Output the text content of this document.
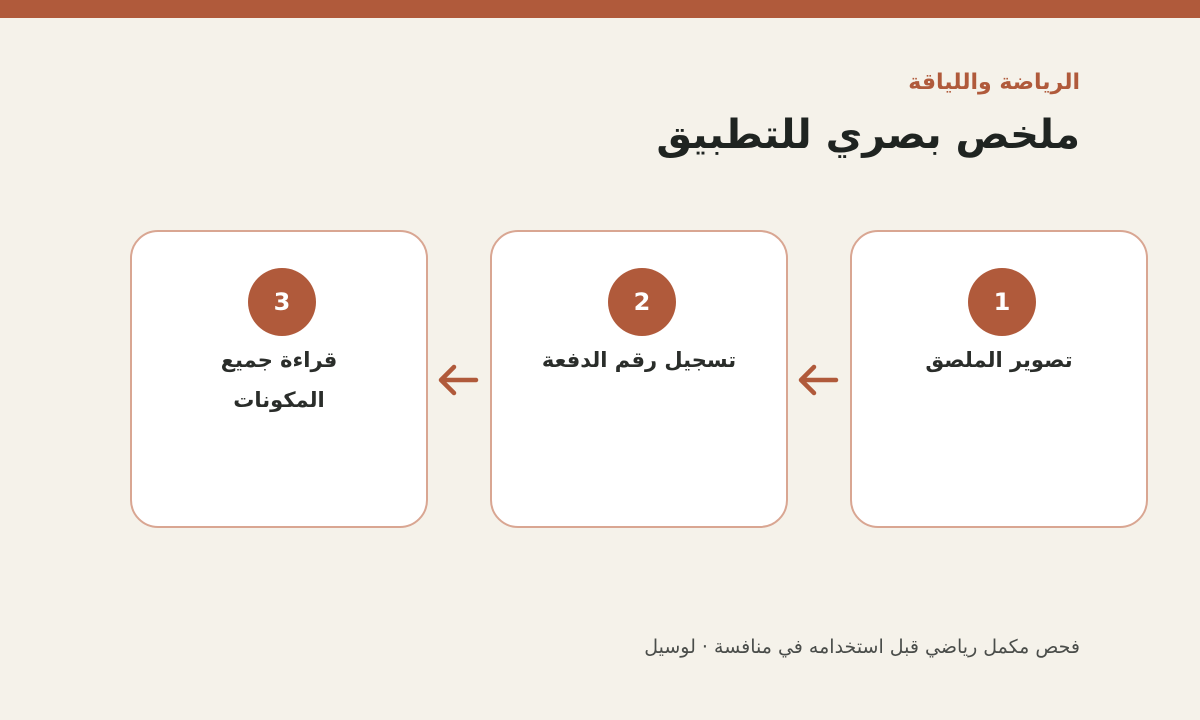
الرياضة واللياقة
ملخص بصري للتطبيق
1
تصوير الملصق
2
تسجيل رقم الدفعة
3
قراءة جميع المكونات
فحص مكمل رياضي قبل استخدامه في منافسة · لوسيل
